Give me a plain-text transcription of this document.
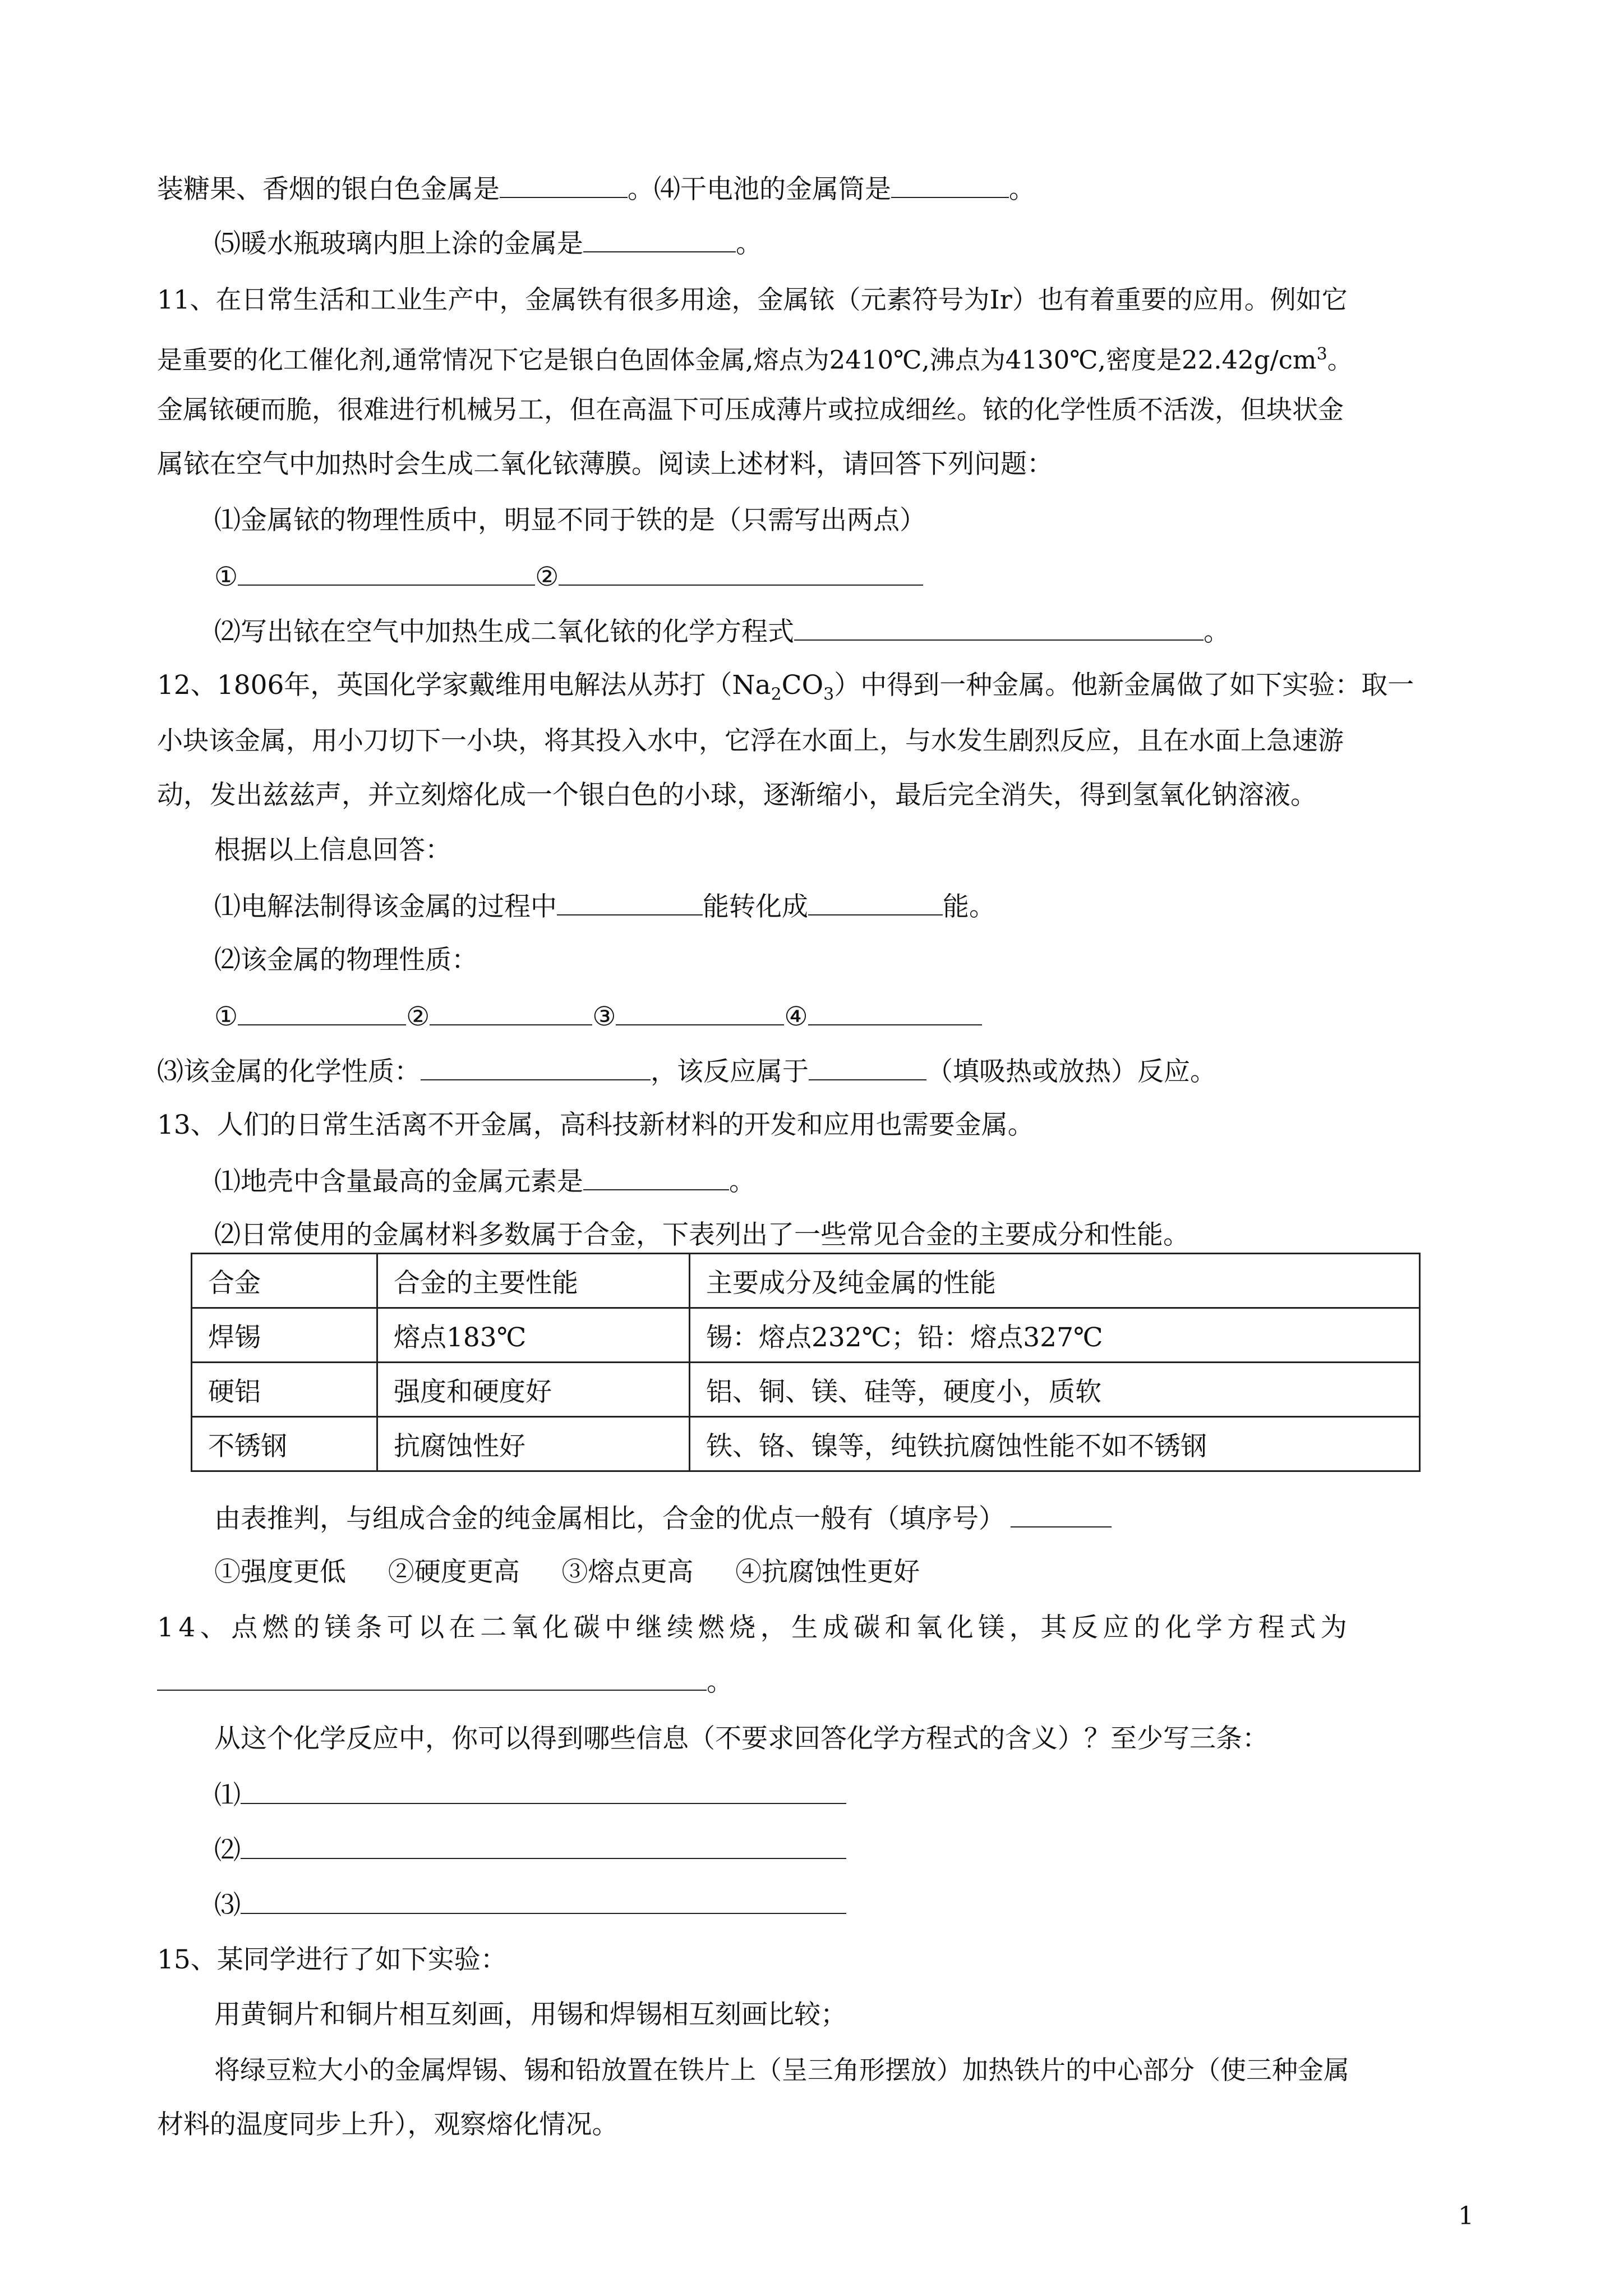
装糖果、香烟的银白色金属是	。⑷干电池的金属筒是	。
⑸暖水瓶玻璃内胆上涂的金属是	。
11、在日常生活和工业生产中，金属铁有很多用途，金属铱（元素符号为Ir）也有着重要的应用。例如它
是重要的化工催化剂,通常情况下它是银白色固体金属,熔点为2410℃,沸点为4130℃,密度是$22.42g/cm^3$。
金属铱硬而脆，很难进行机械另工，但在高温下可压成薄片或拉成细丝。铱的化学性质不活泼，但块状金
属铱在空气中加热时会生成二氧化铱薄膜。阅读上述材料，请回答下列问题：
⑴金属铱的物理性质中，明显不同于铁的是（只需写出两点）
①	②
⑵写出铱在空气中加热生成二氧化铱的化学方程式	。
12、1806年，英国化学家戴维用电解法从苏打$(Na_2CO_3)$中得到一种金属。他新金属做了如下实验：取一
小块该金属，用小刀切下一小块，将其投入水中，它浮在水面上，与水发生剧烈反应，且在水面上急速游
动，发出兹兹声，并立刻熔化成一个银白色的小球，逐渐缩小，最后完全消失，得到氢氧化钠溶液。
根据以上信息回答：
⑴电解法制得该金属的过程中	能转化成	能。
⑵该金属的物理性质：
①	②	③	④
⑶该金属的化学性质：	，该反应属于	（填吸热或放热）反应。
13、人们的日常生活离不开金属，高科技新材料的开发和应用也需要金属。
⑴地壳中含量最高的金属元素是	。
⑵日常使用的金属材料多数属于合金，下表列出了一些常见合金的主要成分和性能。
合金	合金的主要性能	主要成分及纯金属的性能
焊锡	熔点183℃	锡：熔点232℃；铅：熔点327℃
硬铝	强度和硬度好	铝、铜、镁、硅等，硬度小，质软
不锈钢	抗腐蚀性好	铁、铬、镍等，纯铁抗腐蚀性能不如不锈钢
由表推判，与组成合金的纯金属相比，合金的优点一般有（填序号）
①强度更低     ②硬度更高     ③熔点更高     ④抗腐蚀性更好
14、点燃的镁条可以在二氧化碳中继续燃烧，生成碳和氧化镁，其反应的化学方程式为
。
从这个化学反应中，你可以得到哪些信息（不要求回答化学方程式的含义）？至少写三条：
⑴
⑵
⑶
15、某同学进行了如下实验：
用黄铜片和铜片相互刻画，用锡和焊锡相互刻画比较；
将绿豆粒大小的金属焊锡、锡和铅放置在铁片上（呈三角形摆放）加热铁片的中心部分（使三种金属
材料的温度同步上升），观察熔化情况。
1
